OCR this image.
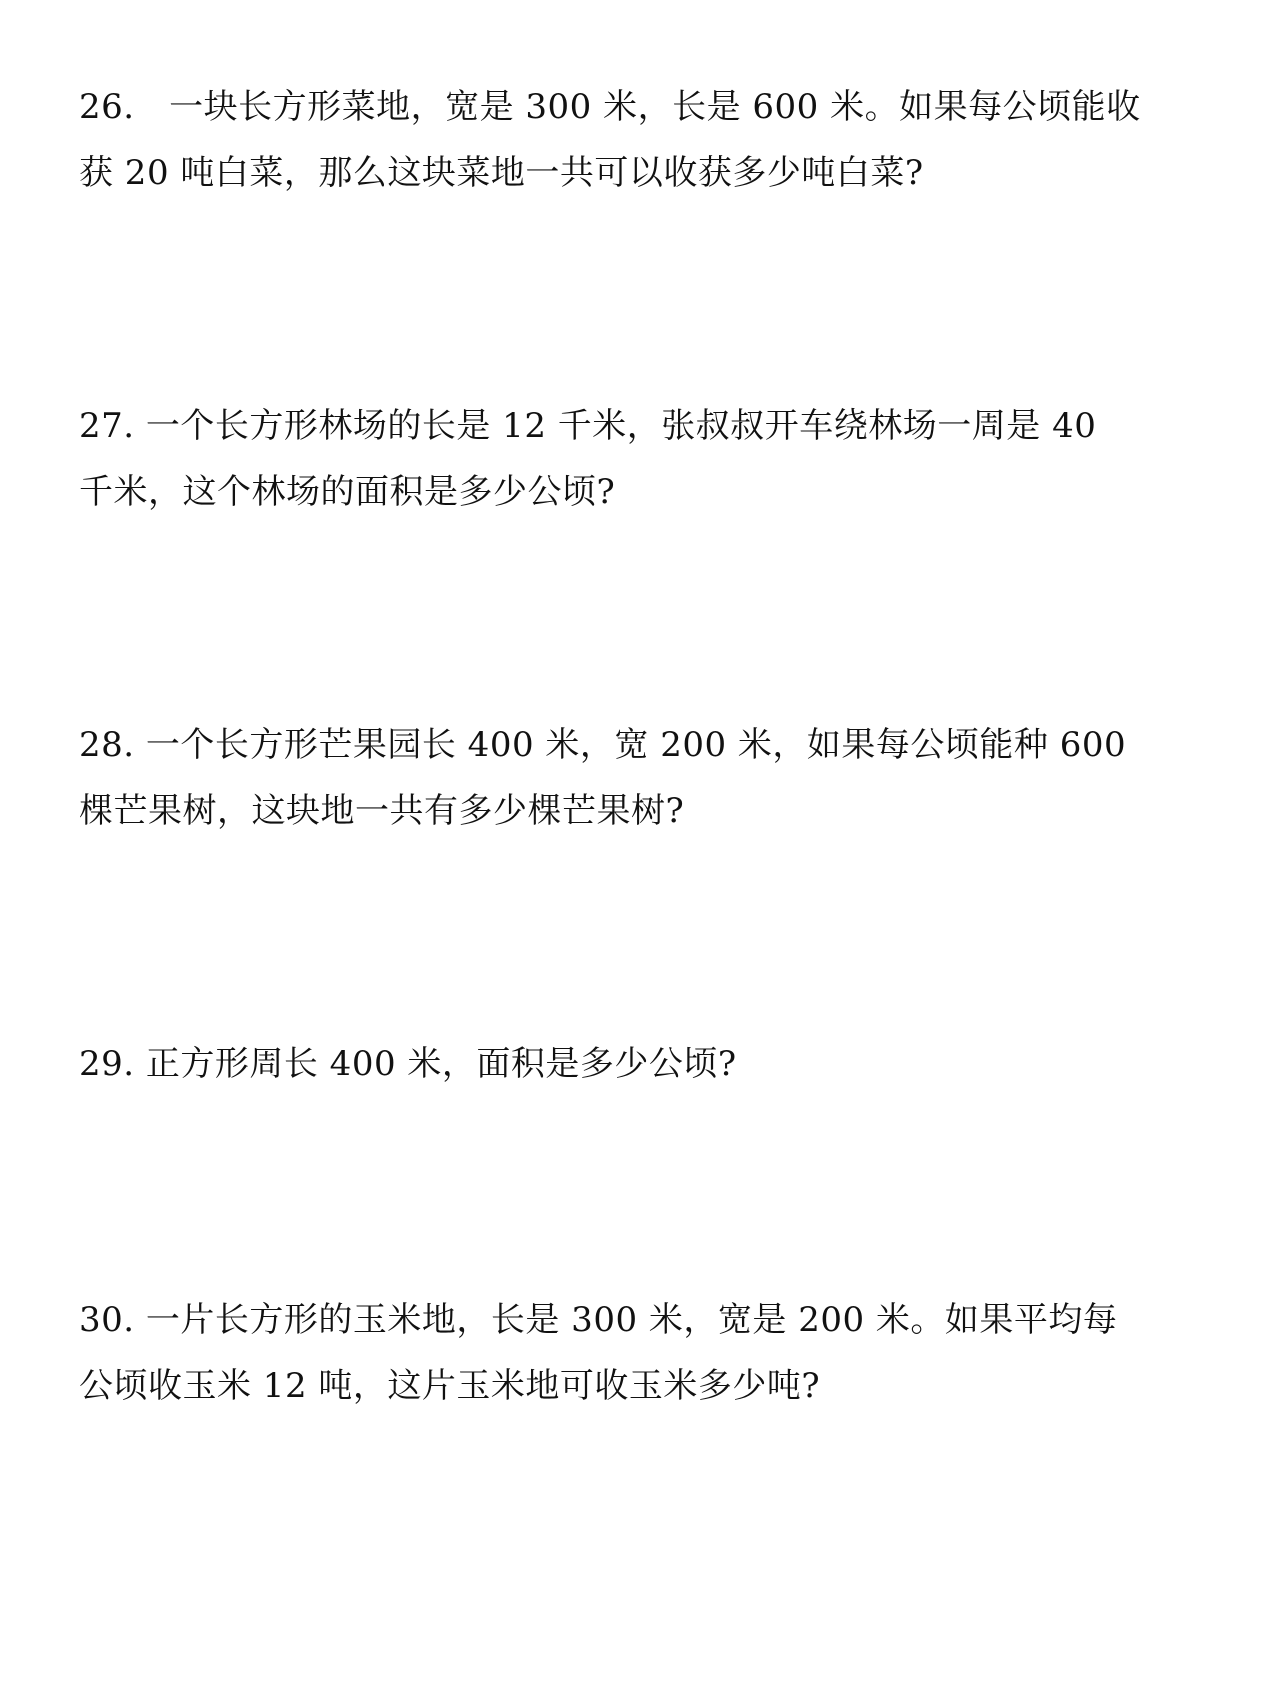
26.　一块长方形菜地，宽是 300 米，长是 600 米。如果每公顷能收
获 20 吨白菜，那么这块菜地一共可以收获多少吨白菜?
27. 一个长方形林场的长是 12 千米，张叔叔开车绕林场一周是 40
千米，这个林场的面积是多少公顷?
28. 一个长方形芒果园长 400 米，宽 200 米，如果每公顷能种 600
棵芒果树，这块地一共有多少棵芒果树?
29. 正方形周长 400 米，面积是多少公顷?
30. 一片长方形的玉米地，长是 300 米，宽是 200 米。如果平均每
公顷收玉米 12 吨，这片玉米地可收玉米多少吨?
